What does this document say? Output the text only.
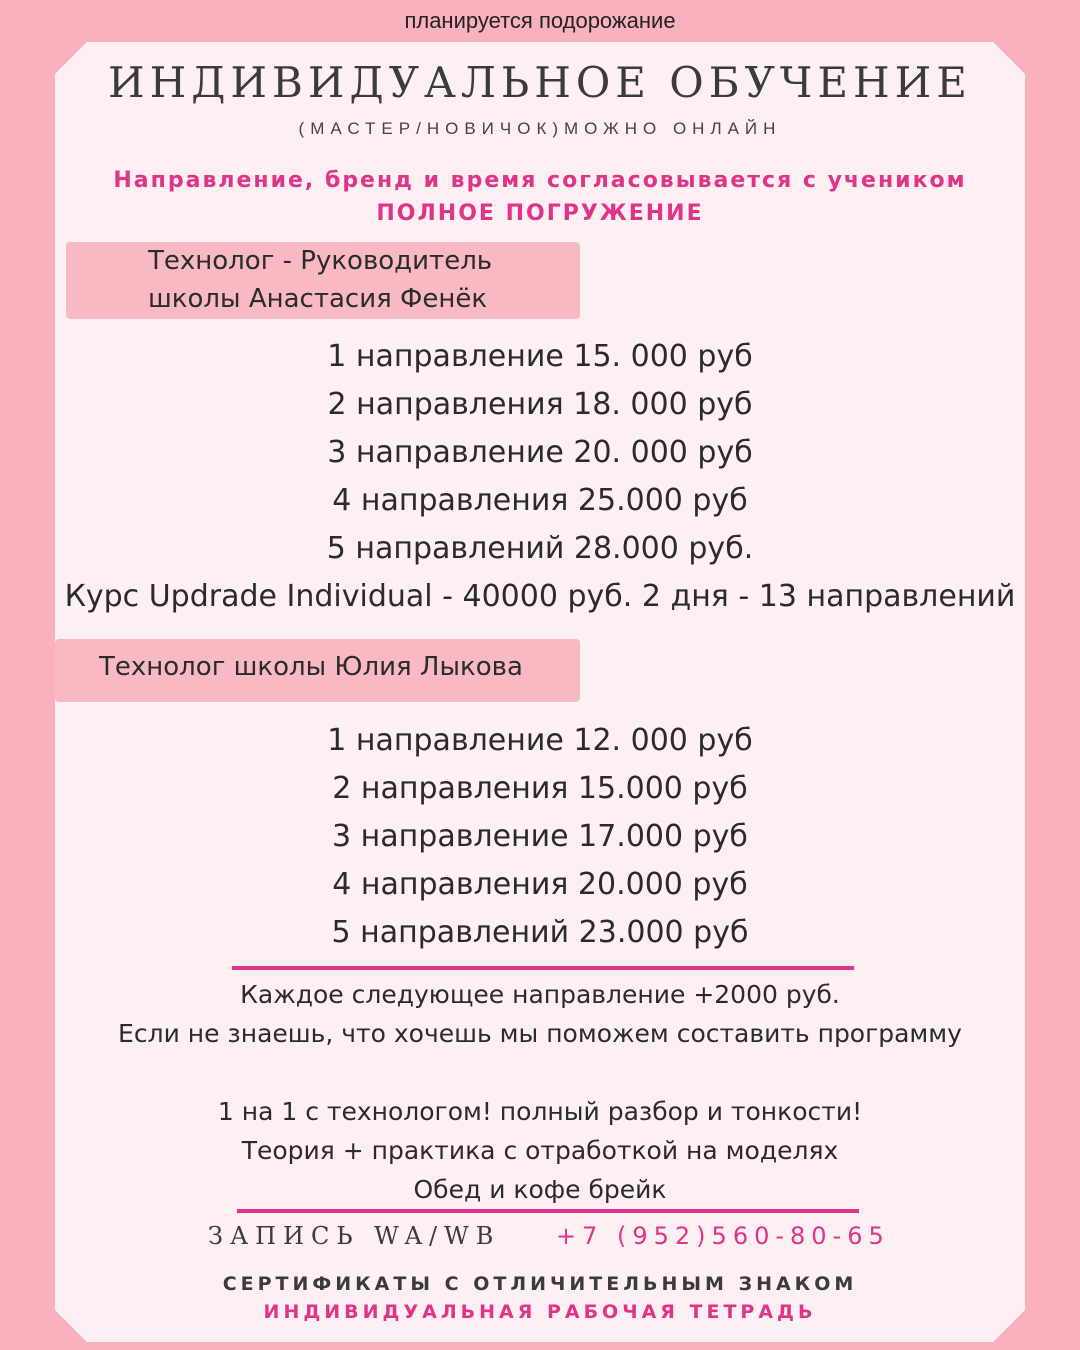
планируется подорожание
ИНДИВИДУАЛЬНОЕ ОБУЧЕНИЕ
(МАСТЕР/НОВИЧОК)МОЖНО ОНЛАЙН
Направление, бренд и время согласовывается с учеником
ПОЛНОЕ ПОГРУЖЕНИЕ
Технолог - Руководитель
школы Анастасия Фенёк
1 направление 15. 000 руб
2 направления 18. 000 руб
3 направление 20. 000 руб
4 направления 25.000 руб
5 направлений 28.000 руб.
Курс Updrade Individual - 40000 руб. 2 дня - 13 направлений
Технолог школы Юлия Лыкова
1 направление 12. 000 руб
2 направления 15.000 руб
3 направление 17.000 руб
4 направления 20.000 руб
5 направлений 23.000 руб
Каждое следующее направление +2000 руб.
Если не знаешь, что хочешь мы поможем составить программу
1 на 1 с технологом! полный разбор и тонкости!
Теория + практика с отработкой на моделях
Обед и кофе брейк
ЗАПИСЬ WA/WB +7 (952)560-80-65
СЕРТИФИКАТЫ С ОТЛИЧИТЕЛЬНЫМ ЗНАКОМ
ИНДИВИДУАЛЬНАЯ РАБОЧАЯ ТЕТРАДЬ
